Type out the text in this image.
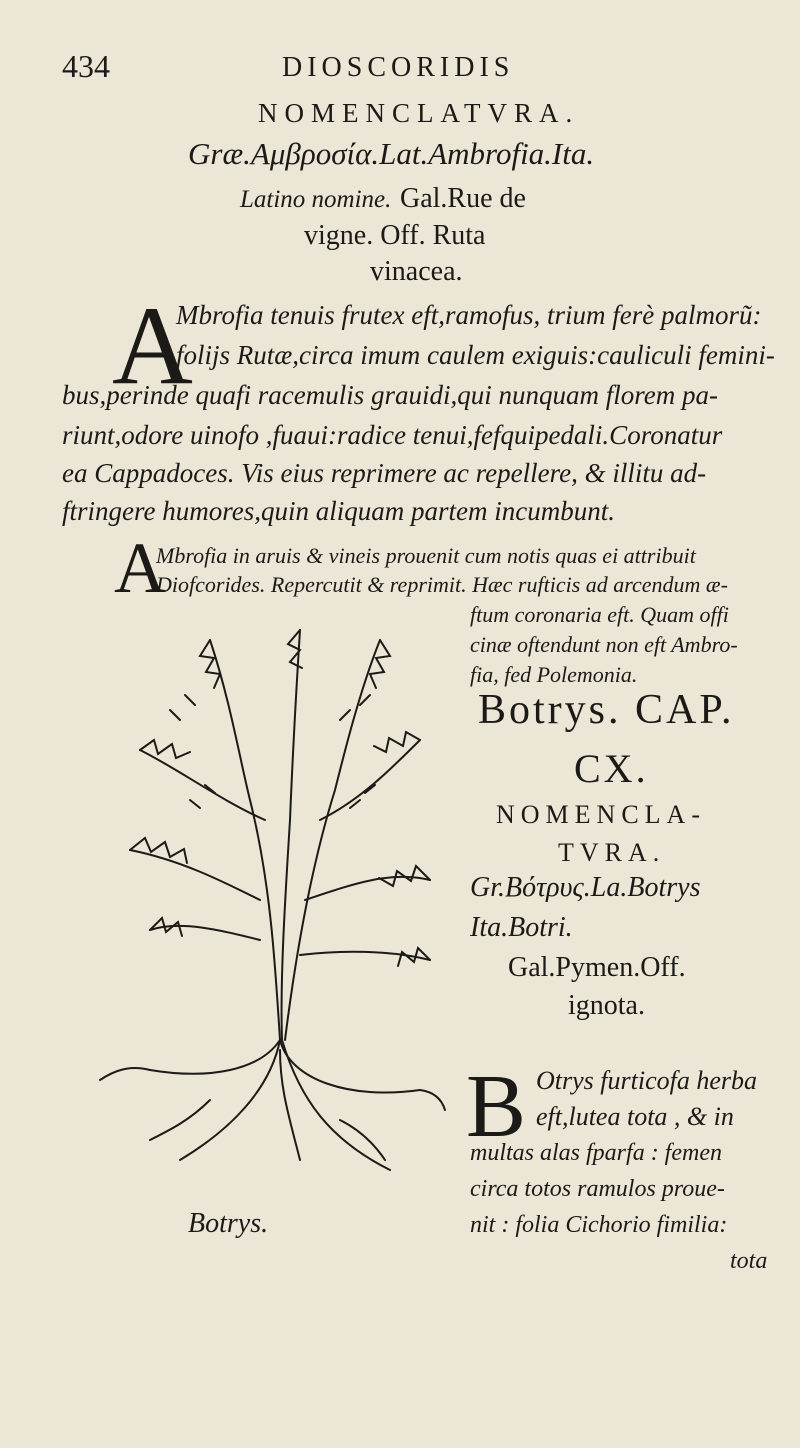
434	DIOSCORIDIS
NOMENCLATVRA.
Græ.Αμβροσία.Lat.Ambrofia.Ita.
Latino nomine. Gal.Rue de
vigne. Off. Ruta
vinacea.
A
Mbrofia tenuis frutex eft,ramofus, trium ferè palmorũ:
folijs Rutæ,circa imum caulem exiguis:cauliculi femini-
bus,perinde quafi racemulis grauidi,qui nunquam florem pa-
riunt,odore uinofo ,fuaui:radice tenui,fefquipedali.Coronatur
ea Cappadoces. Vis eius reprimere ac repellere, & illitu ad-
ftringere humores,quin aliquam partem incumbunt.
A
Mbrofia in aruis & vineis prouenit cum notis quas ei attribuit
Diofcorides. Repercutit & reprimit. Hæc rufticis ad arcendum æ-
ftum coronaria eft. Quam offi
cinæ oftendunt non eft Ambro-
fia, fed Polemonia.
Botrys. CAP.
CX.
NOMENCLA-
TVRA.
Gr.Βότρυς.La.Botrys
Ita.Botri.
Gal.Pymen.Off.
ignota.
B Otrys furticofa herba
eft,lutea tota , & in
multas alas fparfa : femen
circa totos ramulos proue-
nit : folia Cichorio fimilia:
tota
Botrys.
